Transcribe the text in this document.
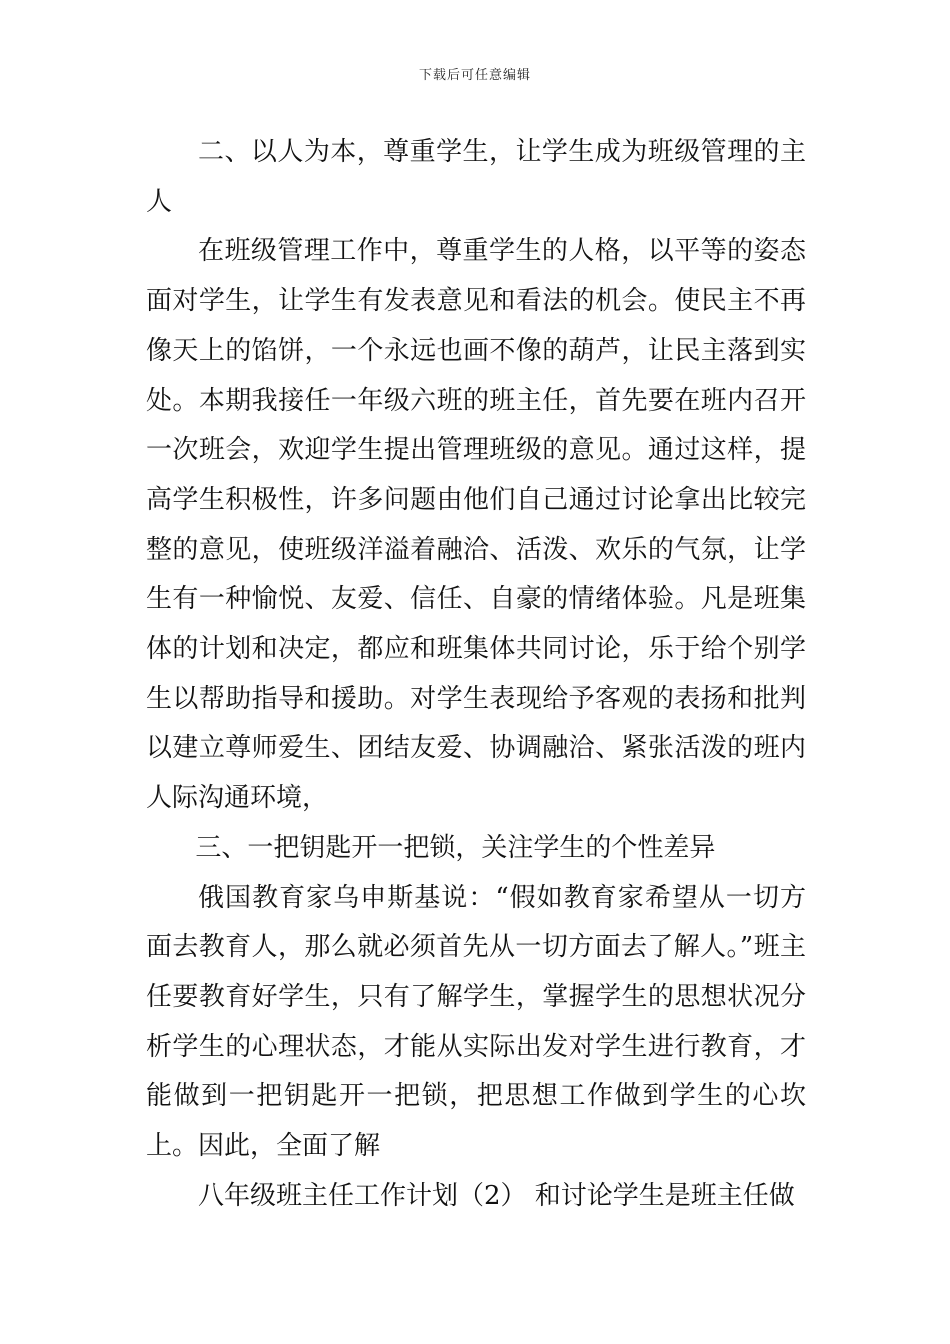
下载后可任意编辑

二、以人为本，尊重学生，让学生成为班级管理的主人

在班级管理工作中，尊重学生的人格，以平等的姿态面对学生，让学生有发表意见和看法的机会。使民主不再像天上的馅饼，一个永远也画不像的葫芦，让民主落到实处。本期我接任一年级六班的班主任，首先要在班内召开一次班会，欢迎学生提出管理班级的意见。通过这样，提高学生积极性，许多问题由他们自己通过讨论拿出比较完整的意见，使班级洋溢着融洽、活泼、欢乐的气氛，让学生有一种愉悦、友爱、信任、自豪的情绪体验。凡是班集体的计划和决定，都应和班集体共同讨论，乐于给个别学生以帮助指导和援助。对学生表现给予客观的表扬和批判以建立尊师爱生、团结友爱、协调融洽、紧张活泼的班内人际沟通环境，

三、一把钥匙开一把锁，关注学生的个性差异

俄国教育家乌申斯基说：“假如教育家希望从一切方面去教育人，那么就必须首先从一切方面去了解人。”班主任要教育好学生，只有了解学生，掌握学生的思想状况分析学生的心理状态，才能从实际出发对学生进行教育，才能做到一把钥匙开一把锁，把思想工作做到学生的心坎上。因此，全面了解

八年级班主任工作计划（2） 和讨论学生是班主任做
